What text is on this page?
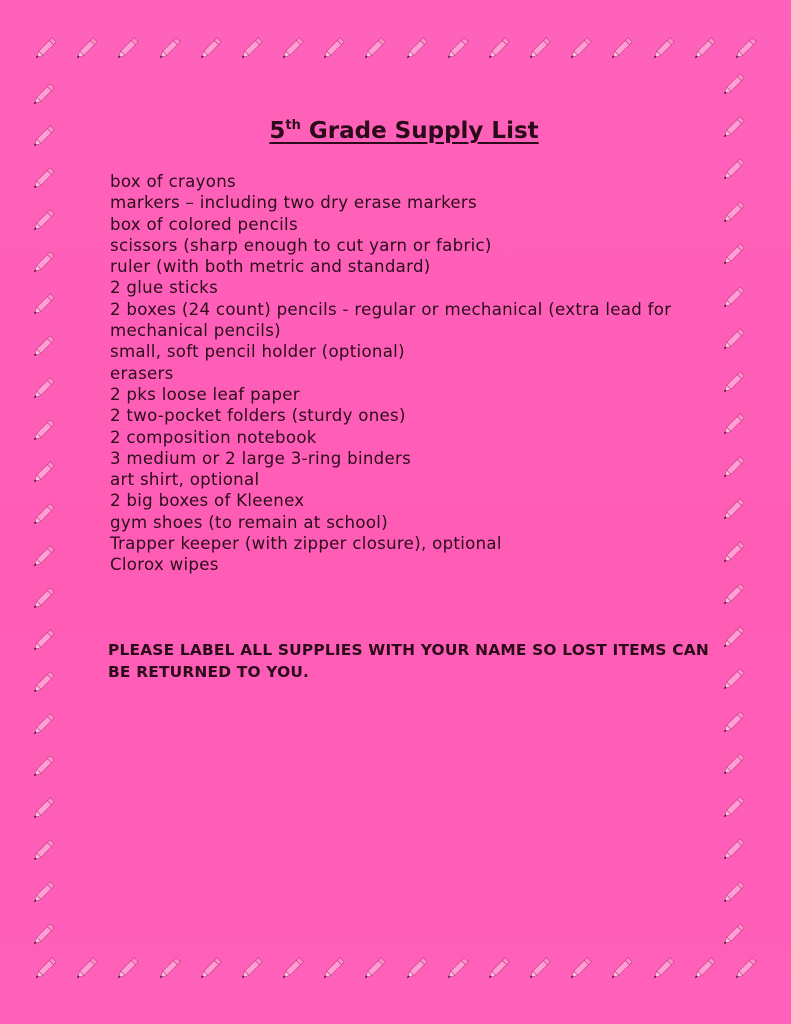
5th Grade Supply List
box of crayons
markers – including two dry erase markers
box of colored pencils
scissors (sharp enough to cut yarn or fabric)
ruler (with both metric and standard)
2 glue sticks
2 boxes (24 count) pencils - regular or mechanical (extra lead for mechanical pencils)
small, soft pencil holder (optional)
erasers
2 pks loose leaf paper
2 two-pocket folders (sturdy ones)
2 composition notebook
3 medium or 2 large 3-ring binders
art shirt, optional
2 big boxes of Kleenex
gym shoes (to remain at school)
Trapper keeper (with zipper closure), optional
Clorox wipes

PLEASE LABEL ALL SUPPLIES WITH YOUR NAME SO LOST ITEMS CAN BE RETURNED TO YOU.
